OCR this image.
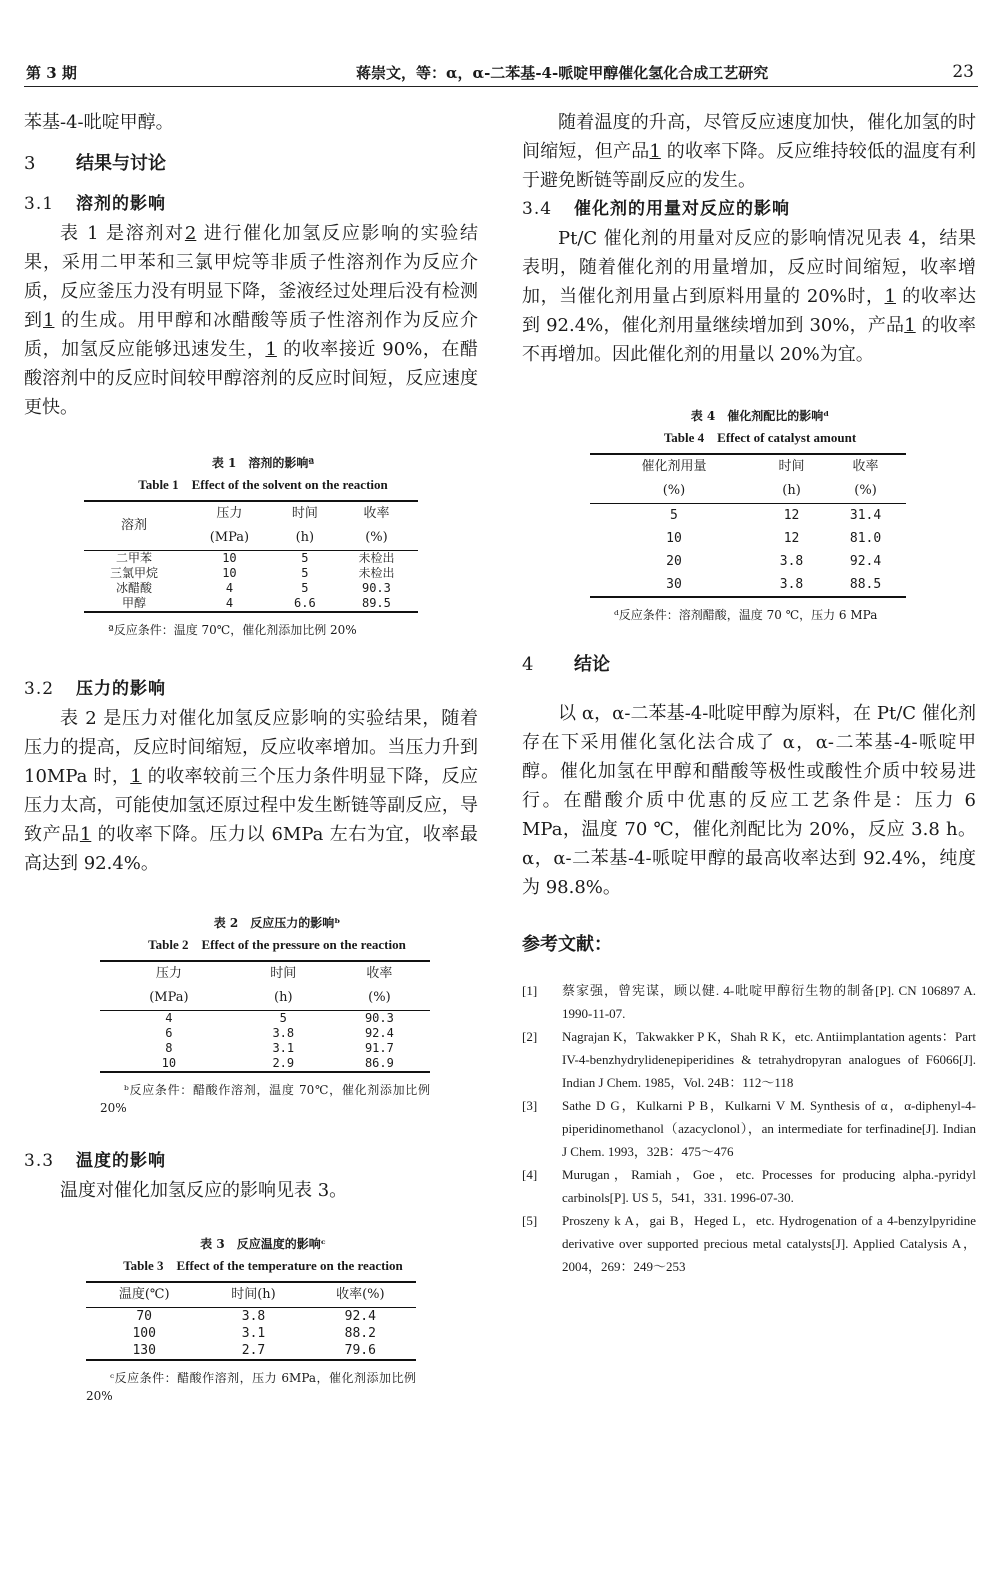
第 3 期	蒋崇文，等：α，α-二苯基-4-哌啶甲醇催化氢化合成工艺研究	23

苯基-4-吡啶甲醇。

3 结果与讨论
3.1 溶剂的影响

表 1 是溶剂对2 进行催化加氢反应影响的实验结果，采用二甲苯和三氯甲烷等非质子性溶剂作为反应介质，反应釜压力没有明显下降，釜液经过处理后没有检测到1 的生成。用甲醇和冰醋酸等质子性溶剂作为反应介质，加氢反应能够迅速发生，1 的收率接近 90%，在醋酸溶剂中的反应时间较甲醇溶剂的反应时间短，反应速度更快。

表 1　溶剂的影响ª

Table 1　Effect of the solvent on the reaction

溶剂	压力	时间	收率
	(MPa)	(h)	(%)
二甲苯	10	5	未检出
三氯甲烷	10	5	未检出
冰醋酸	4	5	90.3
甲醇	4	6.6	89.5

ª反应条件：温度 70℃，催化剂添加比例 20%

3.2 压力的影响

表 2 是压力对催化加氢反应影响的实验结果，随着压力的提高，反应时间缩短，反应收率增加。当压力升到 10MPa 时，1 的收率较前三个压力条件明显下降，反应压力太高，可能使加氢还原过程中发生断链等副反应，导致产品1 的收率下降。压力以 6MPa 左右为宜，收率最高达到 92.4%。

表 2　反应压力的影响ᵇ

Table 2　Effect of the pressure on the reaction

压力	时间	收率
(MPa)	(h)	(%)
4	5	90.3
6	3.8	92.4
8	3.1	91.7
10	2.9	86.9

ᵇ反应条件：醋酸作溶剂，温度 70℃，催化剂添加比例 20%

3.3 温度的影响

温度对催化加氢反应的影响见表 3。

表 3　反应温度的影响ᶜ

Table 3　Effect of the temperature on the reaction

温度(℃)	时间(h)	收率(%)
70	3.8	92.4
100	3.1	88.2
130	2.7	79.6

ᶜ反应条件：醋酸作溶剂，压力 6MPa，催化剂添加比例 20%

随着温度的升高，尽管反应速度加快，催化加氢的时间缩短，但产品1 的收率下降。反应维持较低的温度有利于避免断链等副反应的发生。

3.4 催化剂的用量对反应的影响

Pt/C 催化剂的用量对反应的影响情况见表 4，结果表明，随着催化剂的用量增加，反应时间缩短，收率增加，当催化剂用量占到原料用量的 20%时，1 的收率达到 92.4%，催化剂用量继续增加到 30%，产品1 的收率不再增加。因此催化剂的用量以 20%为宜。

表 4　催化剂配比的影响ᵈ

Table 4　Effect of catalyst amount

催化剂用量	时间	收率
(%)	(h)	(%)
5	12	31.4
10	12	81.0
20	3.8	92.4
30	3.8	88.5

ᵈ反应条件：溶剂醋酸，温度 70 ℃，压力 6 MPa

4 结论

以 α，α-二苯基-4-吡啶甲醇为原料，在 Pt/C 催化剂存在下采用催化氢化法合成了 α，α-二苯基-4-哌啶甲醇。催化加氢在甲醇和醋酸等极性或酸性介质中较易进行。在醋酸介质中优惠的反应工艺条件是：压力 6 MPa，温度 70 ℃，催化剂配比为 20%，反应 3.8 h。α，α-二苯基-4-哌啶甲醇的最高收率达到 92.4%，纯度为 98.8%。

参考文献：
[1] 蔡家强，曾宪谋，顾以健. 4-吡啶甲醇衍生物的制备[P]. CN 106897 A. 1990-11-07.
[2] Nagrajan K，Takwakker P K，Shah R K，etc. Antiimplantation agents：Part IV-4-benzhydrylidenepiperidines & tetrahydropyran analogues of F6066[J]. Indian J Chem. 1985，Vol. 24B：112～118
[3] Sathe D G，Kulkarni P B，Kulkarni V M. Synthesis of α，α-diphenyl-4-piperidinomethanol（azacyclonol），an intermediate for terfinadine[J]. Indian J Chem. 1993，32B：475～476
[4] Murugan，Ramiah，Goe，etc. Processes for producing alpha.-pyridyl carbinols[P]. US 5，541，331. 1996-07-30.
[5] Proszeny k A，gai B，Heged L，etc. Hydrogenation of a 4-benzylpyridine derivative over supported precious metal catalysts[J]. Applied Catalysis A，2004，269：249～253
